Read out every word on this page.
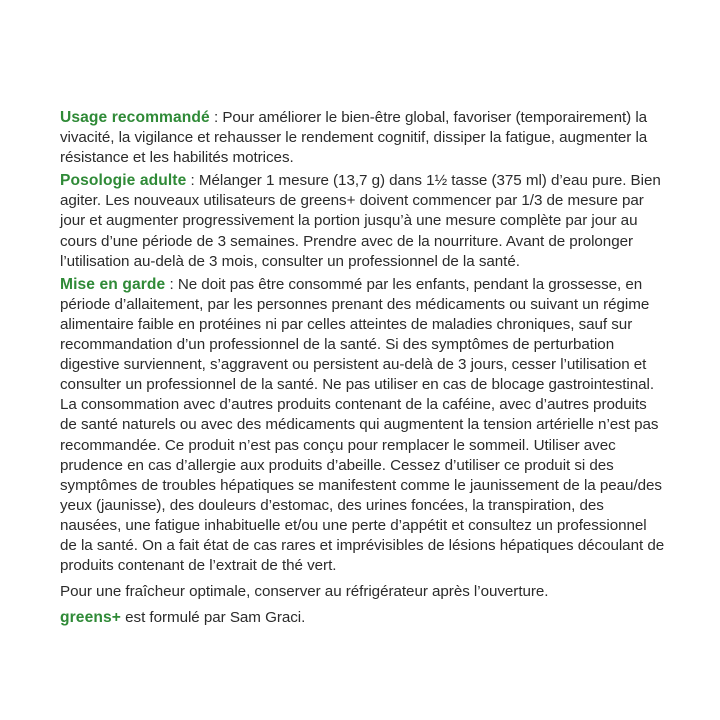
Usage recommandé : Pour améliorer le bien-être global, favoriser (temporairement) la vivacité, la vigilance et rehausser le rendement cognitif, dissiper la fatigue, augmenter la résistance et les habilités motrices.

Posologie adulte : Mélanger 1 mesure (13,7 g) dans 1½ tasse (375 ml) d’eau pure. Bien agiter. Les nouveaux utilisateurs de greens+ doivent commencer par 1/3 de mesure par jour et augmenter progressivement la portion jusqu’à une mesure complète par jour au cours d’une période de 3 semaines. Prendre avec de la nourriture. Avant de prolonger l’utilisation au-delà de 3 mois, consulter un professionnel de la santé.

Mise en garde : Ne doit pas être consommé par les enfants, pendant la grossesse, en période d’allaitement, par les personnes prenant des médicaments ou suivant un régime alimentaire faible en protéines ni par celles atteintes de maladies chroniques, sauf sur recommandation d’un professionnel de la santé. Si des symptômes de perturbation digestive surviennent, s’aggravent ou persistent au-delà de 3 jours, cesser l’utilisation et consulter un professionnel de la santé. Ne pas utiliser en cas de blocage gastrointestinal. La consommation avec d’autres produits contenant de la caféine, avec d’autres produits de santé naturels ou avec des médicaments qui augmentent la tension artérielle n’est pas recommandée. Ce produit n’est pas conçu pour remplacer le sommeil. Utiliser avec prudence en cas d’allergie aux produits d’abeille. Cessez d’utiliser ce produit si des symptômes de troubles hépatiques se manifestent comme le jaunissement de la peau/des yeux (jaunisse), des douleurs d’estomac, des urines foncées, la transpiration, des nausées, une fatigue inhabituelle et/ou une perte d’appétit et consultez un professionnel de la santé. On a fait état de cas rares et imprévisibles de lésions hépatiques découlant de produits contenant de l’extrait de thé vert.

Pour une fraîcheur optimale, conserver au réfrigérateur après l’ouverture.

greens+ est formulé par Sam Graci.
